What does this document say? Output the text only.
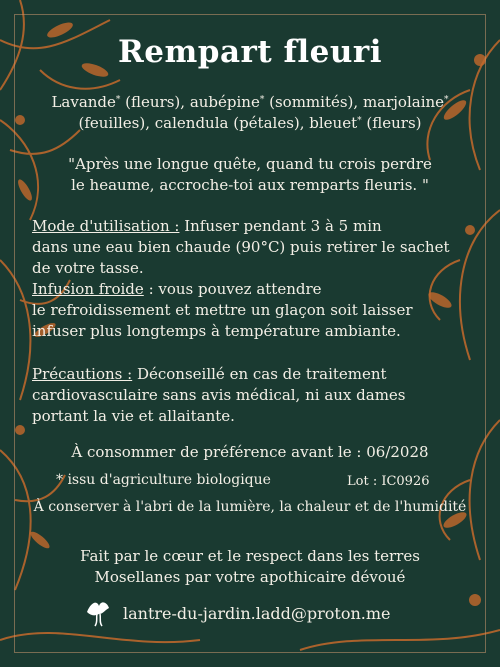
Rempart fleuri
Lavande* (fleurs), aubépine* (sommités), marjolaine*
(feuilles), calendula (pétales), bleuet* (fleurs)
"Après une longue quête, quand tu crois perdre
le heaume, accroche-toi aux remparts fleuris. "
Mode d'utilisation : Infuser pendant 3 à 5 min
dans une eau bien chaude (90°C) puis retirer le sachet
de votre tasse.
Infusion froide : vous pouvez attendre
le refroidissement et mettre un glaçon soit laisser
infuser plus longtemps à température ambiante.
Précautions : Déconseillé en cas de traitement
cardiovasculaire sans avis médical, ni aux dames
portant la vie et allaitante.
À consommer de préférence avant le : 06/2028
* issu d'agriculture biologique	Lot : IC0926
À conserver à l'abri de la lumière, la chaleur et de l'humidité
Fait par le cœur et le respect dans les terres
Mosellanes par votre apothicaire dévoué
lantre-du-jardin.ladd@proton.me
